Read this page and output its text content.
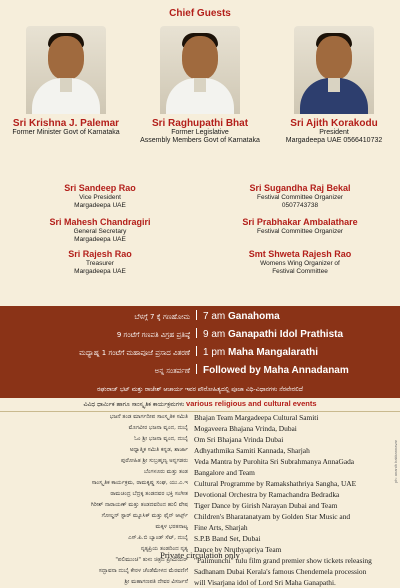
Chief Guests
Sri Krishna J. Palemar
Former Minister Govt of Karnataka
Sri Raghupathi Bhat
Former Legislative
Assembly Members Govt of Karnataka
Sri Ajith Korakodu
President
Margadeepa UAE 0566410732
Sri Sandeep Rao
Vice President
Margadeepa UAE
Sri Sugandha Raj Bekal
Festival Committee Organizer
0507743738
Sri Mahesh Chandragiri
General Secretary
Margadeepa UAE
Sri Prabhakar Ambalathare
Festival Committee Organizer
Sri Rajesh Rao
Treasurer
Margadeepa UAE
Smt Shweta Rajesh Rao
Womens Wing Organizer of
Festival Committee
ಬೆಳಗ್ಗೆ 7 ಕ್ಕೆ ಗಣಹೋಮ	7 am Ganahoma
9 ಗಂಟೆಗೆ ಗಣಪತಿ ವಿಗ್ರಹ ಪ್ರತಿಷ್ಠೆ	9 am Ganapathi Idol Prathista
ಮಧ್ಯಾಹ್ನ 1 ಗಂಟೆಗೆ ಮಹಾಪೂಜೆ ಪ್ರಸಾದ ವಿತರಣೆ	1 pm Maha Mangalarathi
ಅನ್ನ ಸಂತರ್ಪಣೆ	Followed by Maha Annadanam
ರಘುರಾಜ್ ಭಟ್ ಮತ್ತು ರಾಜೇಶ್ ಆಚಾರ್ಯ ಇವರ ಪೌರೋಹಿತ್ಯದಲ್ಲಿ ಪೂಜಾ ವಿಧಿ-ವಿಧಾನಗಳು ನೆರವೇರಲಿದೆ
ವಿವಿಧ ಧಾರ್ಮಿಕ ಹಾಗೂ ಸಾಂಸ್ಕೃತಿಕ ಕಾರ್ಯಕ್ರಮಗಳು various religious and cultural events
ಭಜನೆ ತಂಡ ಮಾರ್ಗದೀಪ ಸಾಂಸ್ಕೃತಿಕ ಸಮಿತಿ Bhajan Team Margadeepa Cultural Samiti
ಮೊಗವೀರ ಭಜನಾ ವೃಂದ, ದುಬೈ Mogaveera Bhajana Vrinda, Dubai
ಓಂ ಶ್ರೀ ಭಜನಾ ವೃಂದ, ದುಬೈ Om Sri Bhajana Vrinda Dubai
ಅಧ್ಯಾತ್ಮಿಕ ಸಮಿತಿ ಕನ್ನಡ, ಶಾರ್ಜಾ Adhyathmika Samiti Kannada, Sharjah
ಪುರೋಹಿತ ಶ್ರೀ ಸುಬ್ರಹ್ಮಣ್ಯ ಅನ್ನಗಡರು Veda Mantra by Purohita Sri Subrahmanya AnnaGada
ಬೆಂಗಳೂರು ಮತ್ತು ತಂಡ Bangalore and Team
ಸಾಂಸ್ಕೃತಿಕ ಕಾರ್ಯಕ್ರಮ, ರಾಮಕೃಷ್ಣ ಸಂಘ, ಯು.ಎ.ಇ Cultural Programme by Ramakshathriya Sangha, UAE
ರಾಮಚಂದ್ರ ಬೆದ್ರಕ್ಕ ತಂಡದವರ ಭಕ್ತಿ ಸಂಗೀತ Devotional Orchestra by Ramachandra Bedradka
ಗಿರೀಶ್ ನಾರಾಯಣ್ ಮತ್ತು ತಂಡದವರಿಂದ ಹುಲಿ ವೇಷ Tiger Dance by Girish Narayan Dubai and Team
ಗೋಲ್ಡನ್ ಸ್ಟಾರ್ ಮ್ಯೂಸಿಕ್ ಮತ್ತು ಫೈನ್ ಆರ್ಟ್ಸ್ Children's Bharatanatyam by Golden Star Music and
ಮಕ್ಕಳ ಭರತನಾಟ್ಯ Fine Arts, Sharjah
ಎಸ್.ಪಿ.ಬಿ ಬ್ಯಾಂಡ್ ಸೆಟ್, ದುಬೈ S.P.B Band Set, Dubai
ನೃತ್ಯಪ್ರಿಯ ತಂಡದಿಂದ ನೃತ್ಯ Dance by Nruthyapriya Team
"ಪಲಿಮುಂಚಿ" ತುಳು ಚಿತ್ರದ ಪ್ರೀಮಿಯರ್ "Palimunchi" tulu film grand premier show tickets releasing
ಸದ್ಭಾವನಾ ದುಬೈ ಕೇರಳ ಚೆಂಡೆಮೇಳದ ಮೆರವಣಿಗೆ Sadhanam Dubai Kerala's famous Chendemela procession
ಶ್ರೀ ಮಹಾಗಣಪತಿ ದೇವರ ವಿಸರ್ಜನೆ will Visarjana idol of Lord Sri Maha Ganapathi.
ph: ananth bakkannavar
Private circulation only
